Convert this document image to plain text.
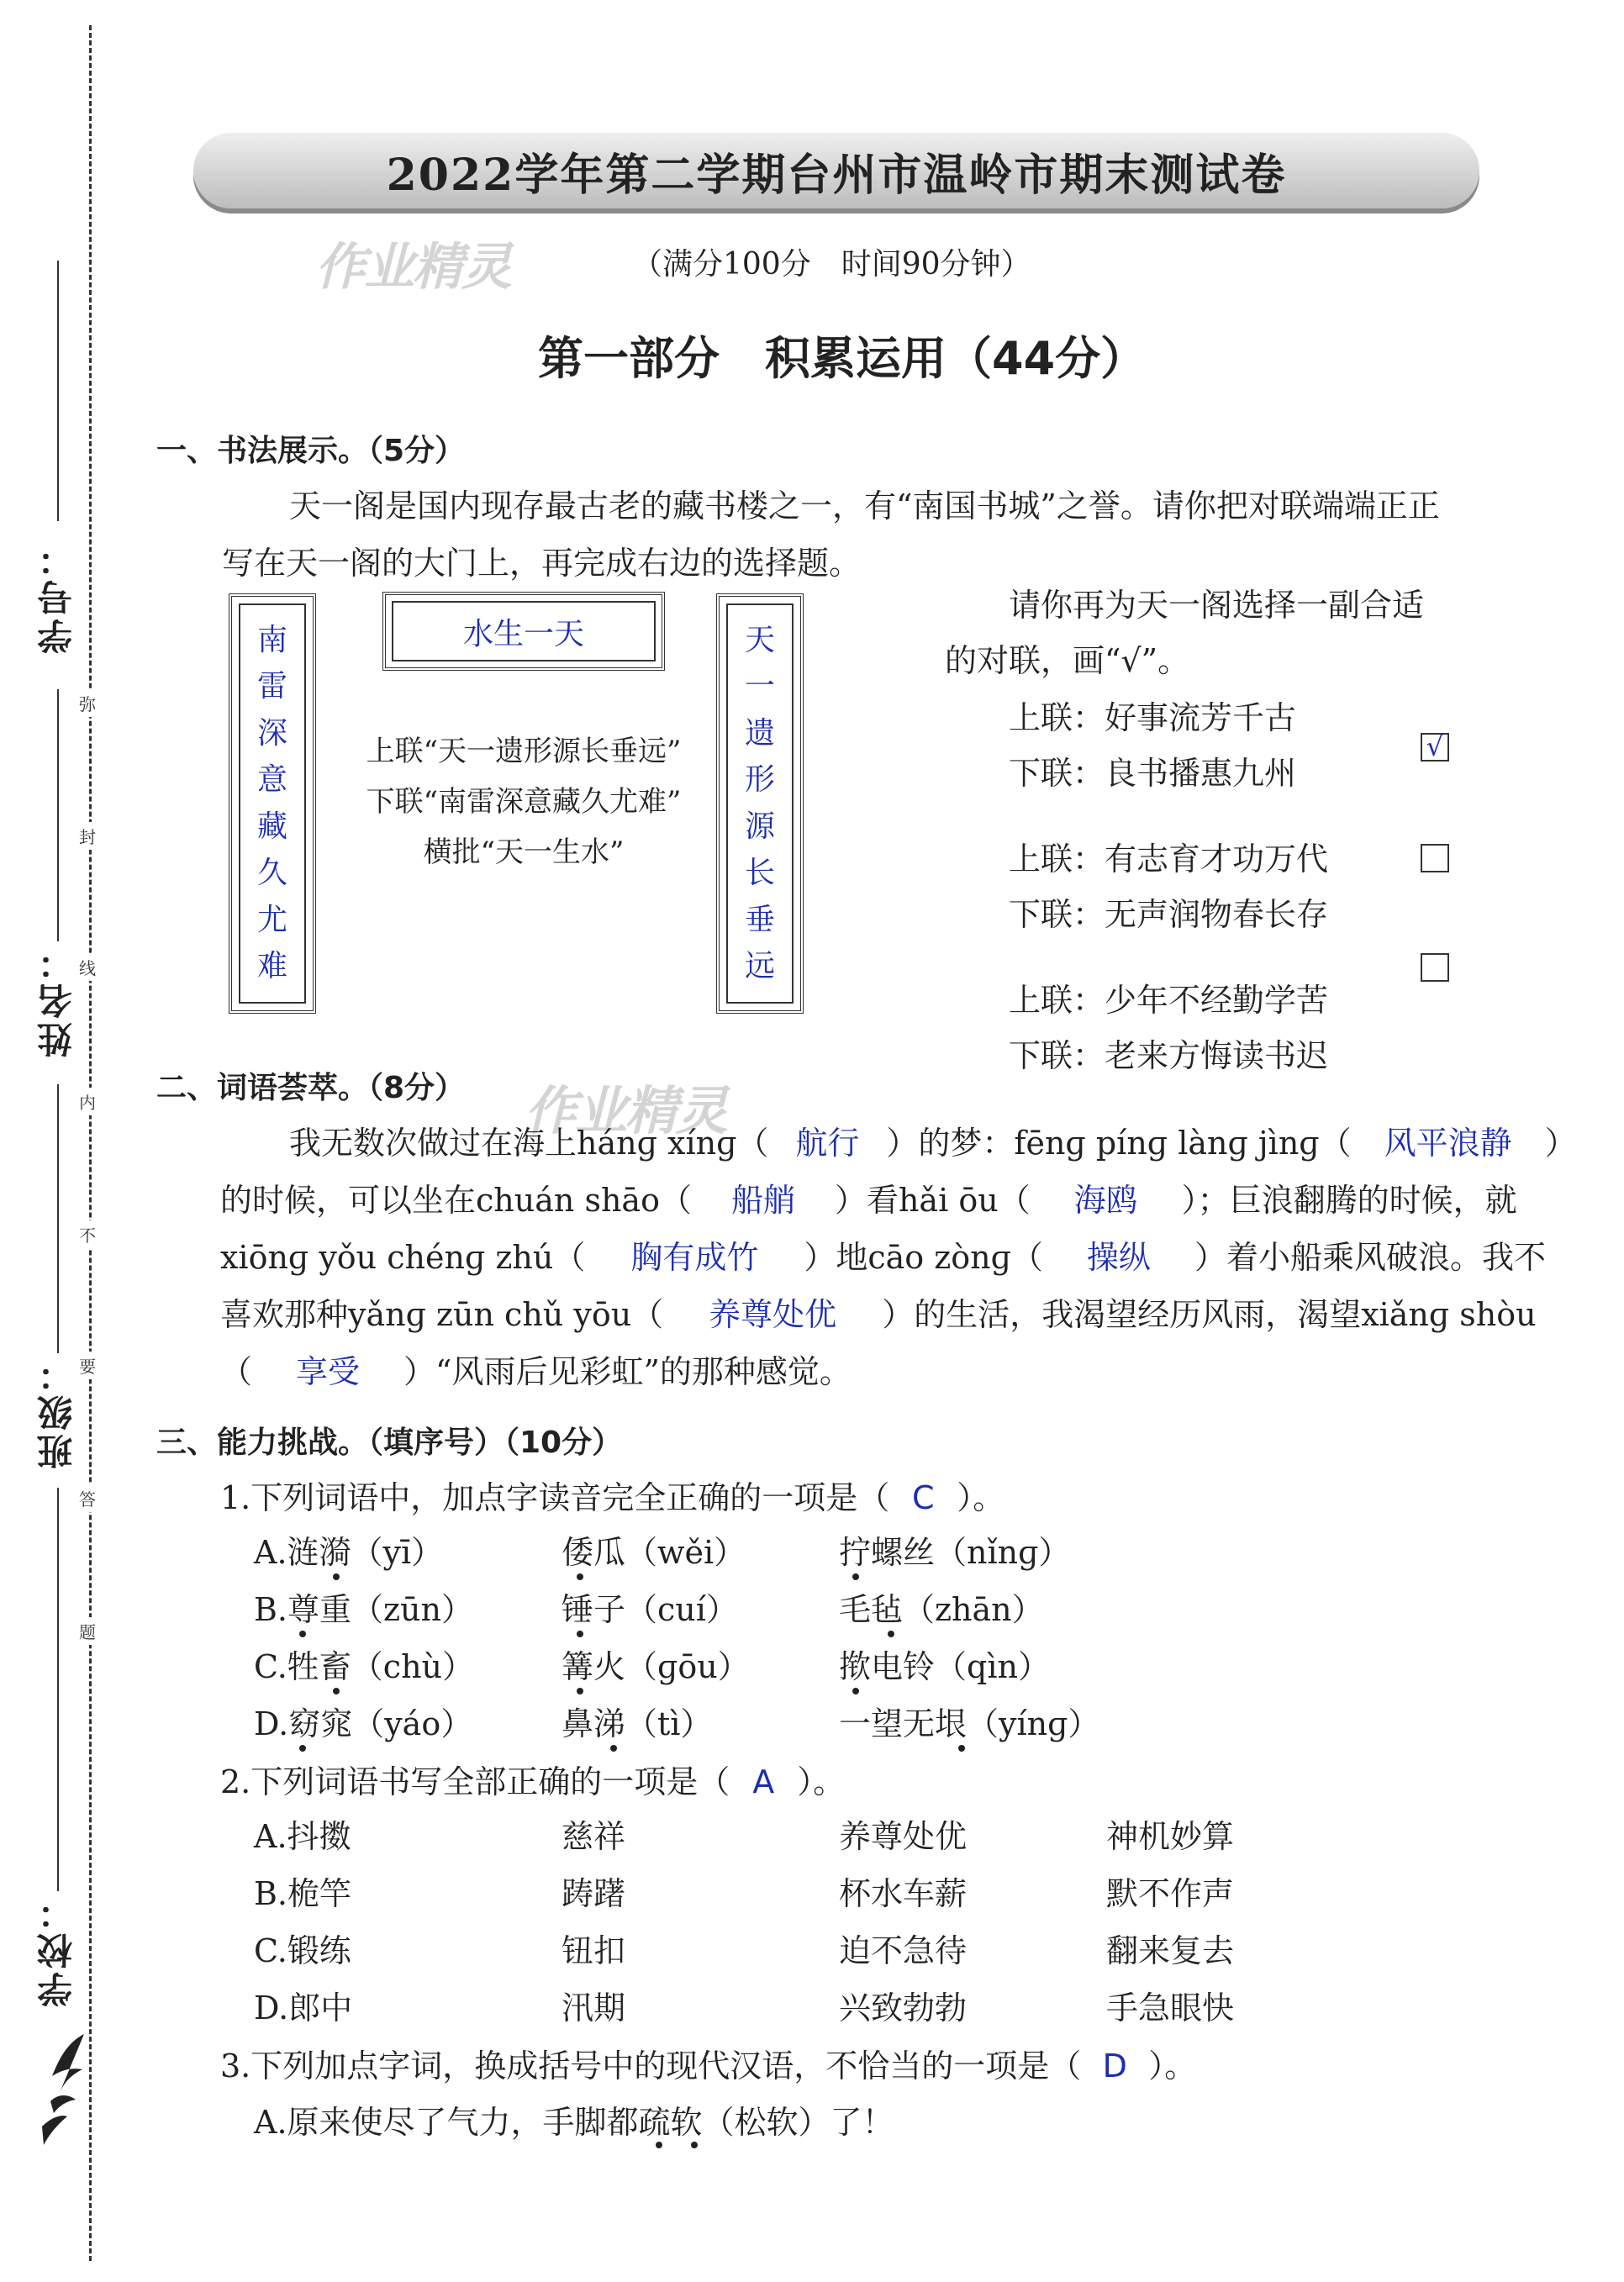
学号：
姓名：
班级：
学校：
弥
封
线
内
不
要
答
题
2022学年第二学期台州市温岭市期末测试卷
作业精灵	（满分100分　时间90分钟）
第一部分　积累运用（44分）
一、书法展示。（5分）
天一阁是国内现存最古老的藏书楼之一，有“南国书城”之誉。请你把对联端端正正
写在天一阁的大门上，再完成右边的选择题。
南
雷
深
意
藏
久
尤
难
水生一天
上联“天一遗形源长垂远”
下联“南雷深意藏久尤难”
横批“天一生水”
天
一
遗
形
源
长
垂
远
请你再为天一阁选择一副合适
的对联，画“√”。
上联：好事流芳千古
下联：良书播惠九州
√
上联：有志育才功万代
下联：无声润物春长存
上联：少年不经勤学苦
下联：老来方悔读书迟
二、词语荟萃。（8分） 作业精灵
我无数次做过在海上hánɡ xínɡ（ 航行 ）的梦：fēnɡ pínɡ lànɡ jìnɡ（ 风平浪静 ）
的时候，可以坐在chuán shāo（ 船艄 ）看hǎi ōu（ 海鸥 ）；巨浪翻腾的时候，就
xiōnɡ yǒu chénɡ zhú（ 胸有成竹 ）地cāo zònɡ（ 操纵 ）着小船乘风破浪。我不
喜欢那种yǎnɡ zūn chǔ yōu（ 养尊处优 ）的生活，我渴望经历风雨，渴望xiǎnɡ shòu
（ 享受 ）“风雨后见彩虹”的那种感觉。
三、能力挑战。（填序号）（10分）
1.下列词语中，加点字读音完全正确的一项是（ C ）。
A.涟漪（yī）	倭瓜（wěi）	拧螺丝（nǐnɡ）
B.尊重（zūn）	锤子（cuí）	毛毡（zhān）
C.牲畜（chù）	篝火（ɡōu）	揿电铃（qìn）
D.窈窕（yáo）	鼻涕（tì）	一望无垠（yínɡ）
2.下列词语书写全部正确的一项是（ A ）。
A.抖擞	慈祥	养尊处优	神机妙算
B.桅竿	踌躇	杯水车薪	默不作声
C.锻练	钮扣	迫不急待	翻来复去
D.郎中	汛期	兴致勃勃	手急眼快
3.下列加点字词，换成括号中的现代汉语，不恰当的一项是（ D ）。
A.原来使尽了气力，手脚都疏软（松软）了！
